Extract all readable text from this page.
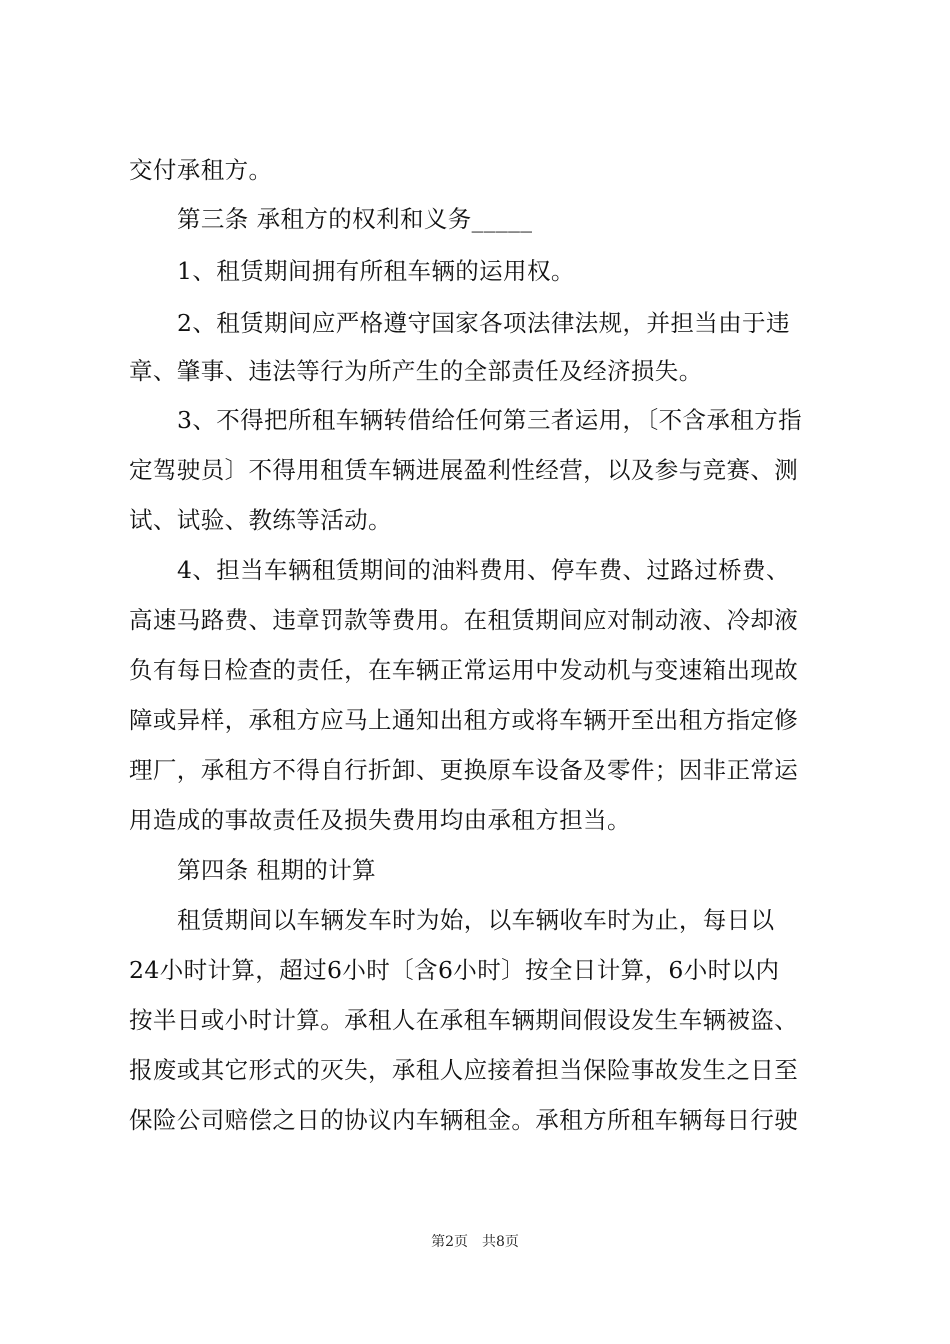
交付承租方。
第三条 承租方的权利和义务_____
1、租赁期间拥有所租车辆的运用权。
2、租赁期间应严格遵守国家各项法律法规，并担当由于违
章、肇事、违法等行为所产生的全部责任及经济损失。
3、不得把所租车辆转借给任何第三者运用，〔不含承租方指
定驾驶员〕不得用租赁车辆进展盈利性经营，以及参与竞赛、测
试、试验、教练等活动。
4、担当车辆租赁期间的油料费用、停车费、过路过桥费、
高速马路费、违章罚款等费用。在租赁期间应对制动液、冷却液
负有每日检查的责任，在车辆正常运用中发动机与变速箱出现故
障或异样，承租方应马上通知出租方或将车辆开至出租方指定修
理厂，承租方不得自行折卸、更换原车设备及零件；因非正常运
用造成的事故责任及损失费用均由承租方担当。
第四条 租期的计算
租赁期间以车辆发车时为始，以车辆收车时为止，每日以
24小时计算，超过6小时〔含6小时〕按全日计算，6小时以内
按半日或小时计算。承租人在承租车辆期间假设发生车辆被盗、
报废或其它形式的灭失，承租人应接着担当保险事故发生之日至
保险公司赔偿之日的协议内车辆租金。承租方所租车辆每日行驶
第2页 共8页
